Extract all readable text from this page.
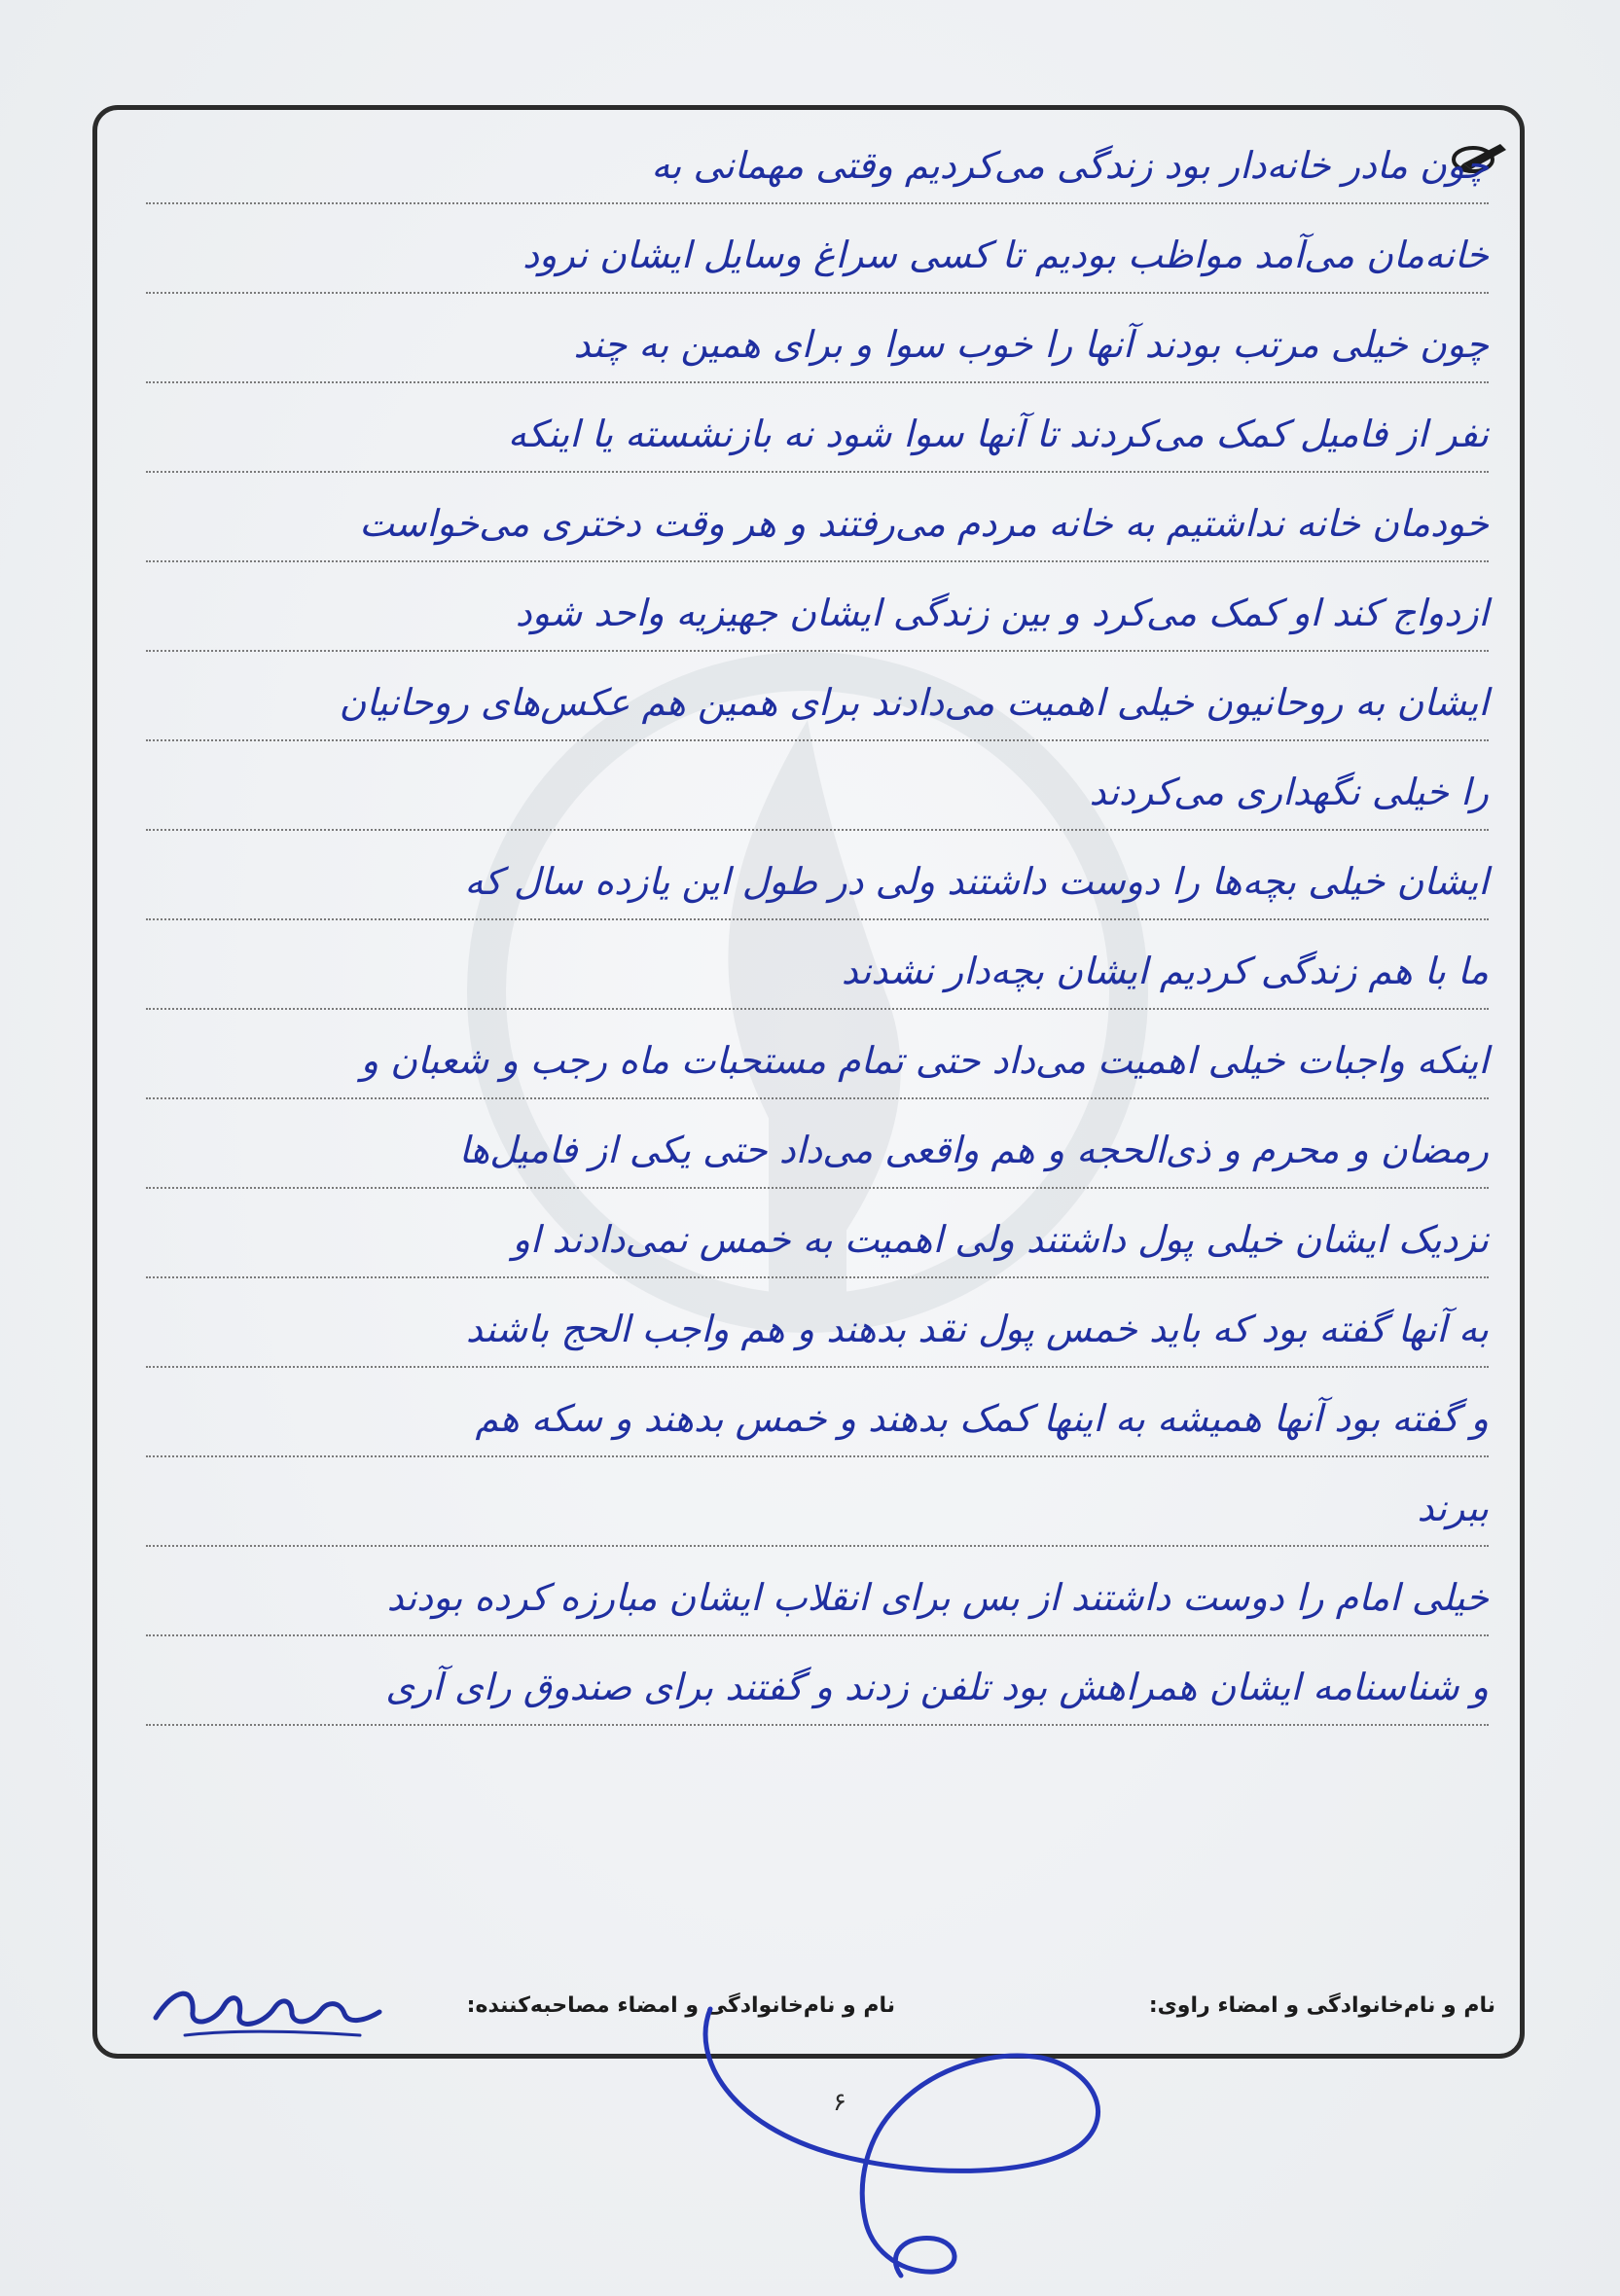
چون مادر خانه‌دار بود زندگی می‌کردیم وقتی مهمانی به
خانه‌مان می‌آمد مواظب بودیم تا کسی سراغ وسایل ایشان نرود
چون خیلی مرتب بودند آنها را خوب سوا و برای همین به چند
نفر از فامیل کمک می‌کردند تا آنها سوا شود نه بازنشسته یا اینکه
خودمان خانه نداشتیم به خانه مردم می‌رفتند و هر وقت دختری می‌خواست
ازدواج کند او کمک می‌کرد و بین زندگی ایشان جهیزیه واحد شود
ایشان به روحانیون خیلی اهمیت می‌دادند برای همین هم عکس‌های روحانیان
را خیلی نگهداری می‌کردند
ایشان خیلی بچه‌ها را دوست داشتند ولی در طول این یازده سال که
ما با هم زندگی کردیم ایشان بچه‌دار نشدند
اینکه واجبات خیلی اهمیت می‌داد حتی تمام مستحبات ماه رجب و شعبان و
رمضان و محرم و ذی‌الحجه و هم واقعی می‌داد حتی یکی از فامیل‌ها
نزدیک ایشان خیلی پول داشتند ولی اهمیت به خمس نمی‌دادند او
به آنها گفته بود که باید خمس پول نقد بدهند و هم واجب الحج باشند
و گفته بود آنها همیشه به اینها کمک بدهند و خمس بدهند و سکه هم
ببرند
خیلی امام را دوست داشتند از بس برای انقلاب ایشان مبارزه کرده بودند
و شناسنامه ایشان همراهش بود تلفن زدند و گفتند برای صندوق رای آری
نام و نام‌خانوادگی و امضاء راوی:
نام و نام‌خانوادگی و امضاء مصاحبه‌کننده:
۶
